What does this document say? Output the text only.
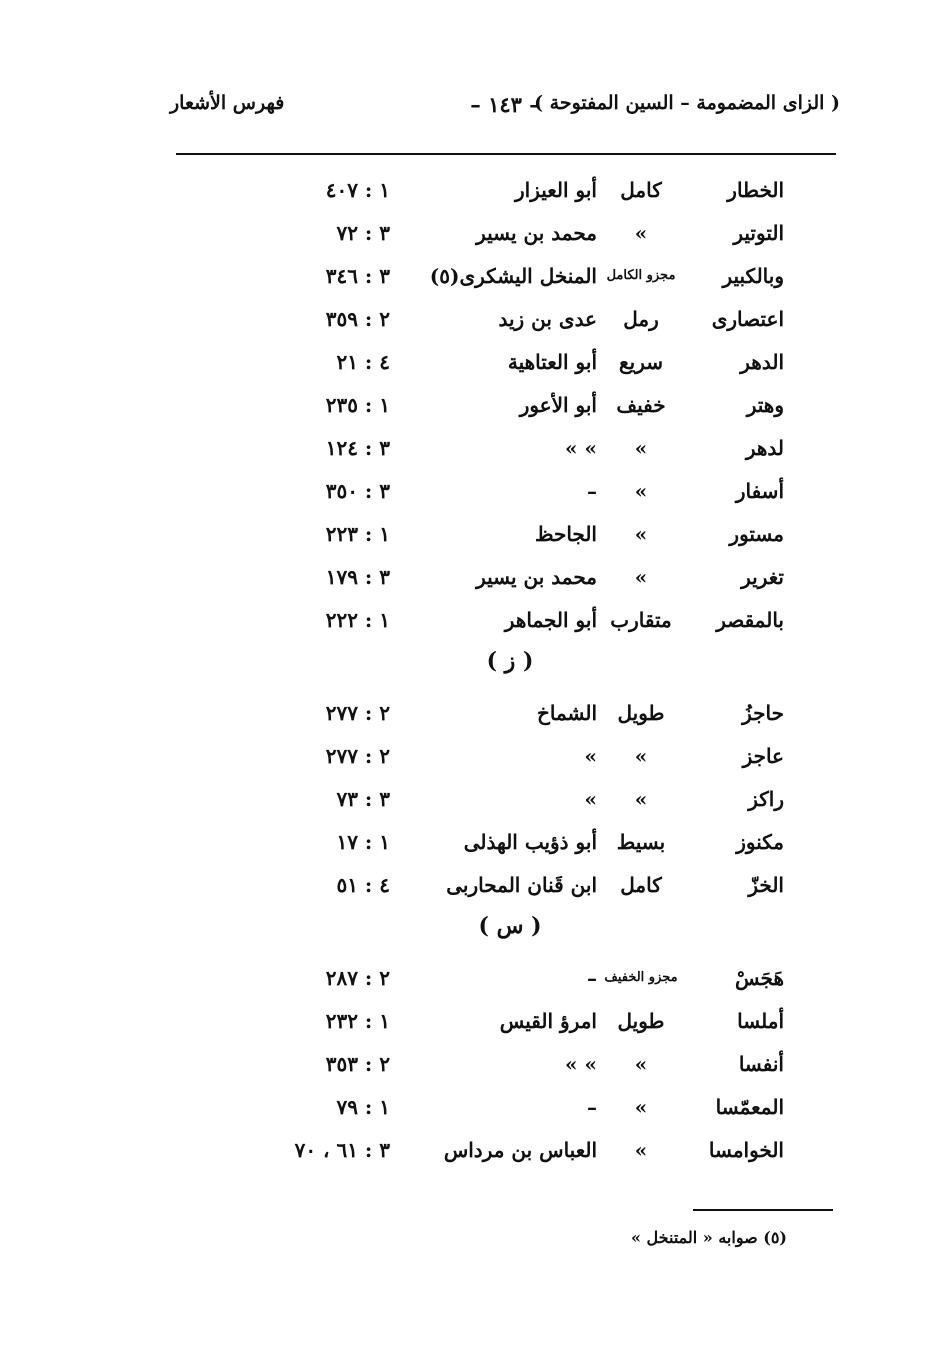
( الزاى المضمومة – السين المفتوحة )
– ١٤٣ –
فهرس الأشعار
الخطار
كامل
أبو العيزار
١ : ٤٠٧
التوتير
»
محمد بن يسير
٣ : ٧٢
وبالكبير
مجزو الكامل
المنخل اليشكرى(٥)
٣ : ٣٤٦
اعتصارى
رمل
عدى بن زيد
٢ : ٣٥٩
الدهر
سريع
أبو العتاهية
٤ : ٢١
وهتر
خفيف
أبو الأعور
١ : ٢٣٥
لدهر
»
» »
٣ : ١٢٤
أسفار
»
–
٣ : ٣٥٠
مستور
»
الجاحظ
١ : ٢٢٣
تغرير
»
محمد بن يسير
٣ : ١٧٩
بالمقصر
متقارب
أبو الجماهر
١ : ٢٢٢
( ز )
حاجزُ
طويل
الشماخ
٢ : ٢٧٧
عاجز
»
»
٢ : ٢٧٧
راكز
»
»
٣ : ٧٣
مكنوز
بسيط
أبو ذؤيب الهذلى
١ : ١٧
الخزّ
كامل
ابن قَنان المحاربى
٤ : ٥١
( س )
هَجَسْ
مجزو الخفيف
–
٢ : ٢٨٧
أملسا
طويل
امرؤ القيس
١ : ٢٣٢
أنفسا
»
» »
٢ : ٣٥٣
المعمّسا
»
–
١ : ٧٩
الخوامسا
»
العباس بن مرداس
٣ : ٦١ ، ٧٠
(٥) صوابه « المتنخل »
